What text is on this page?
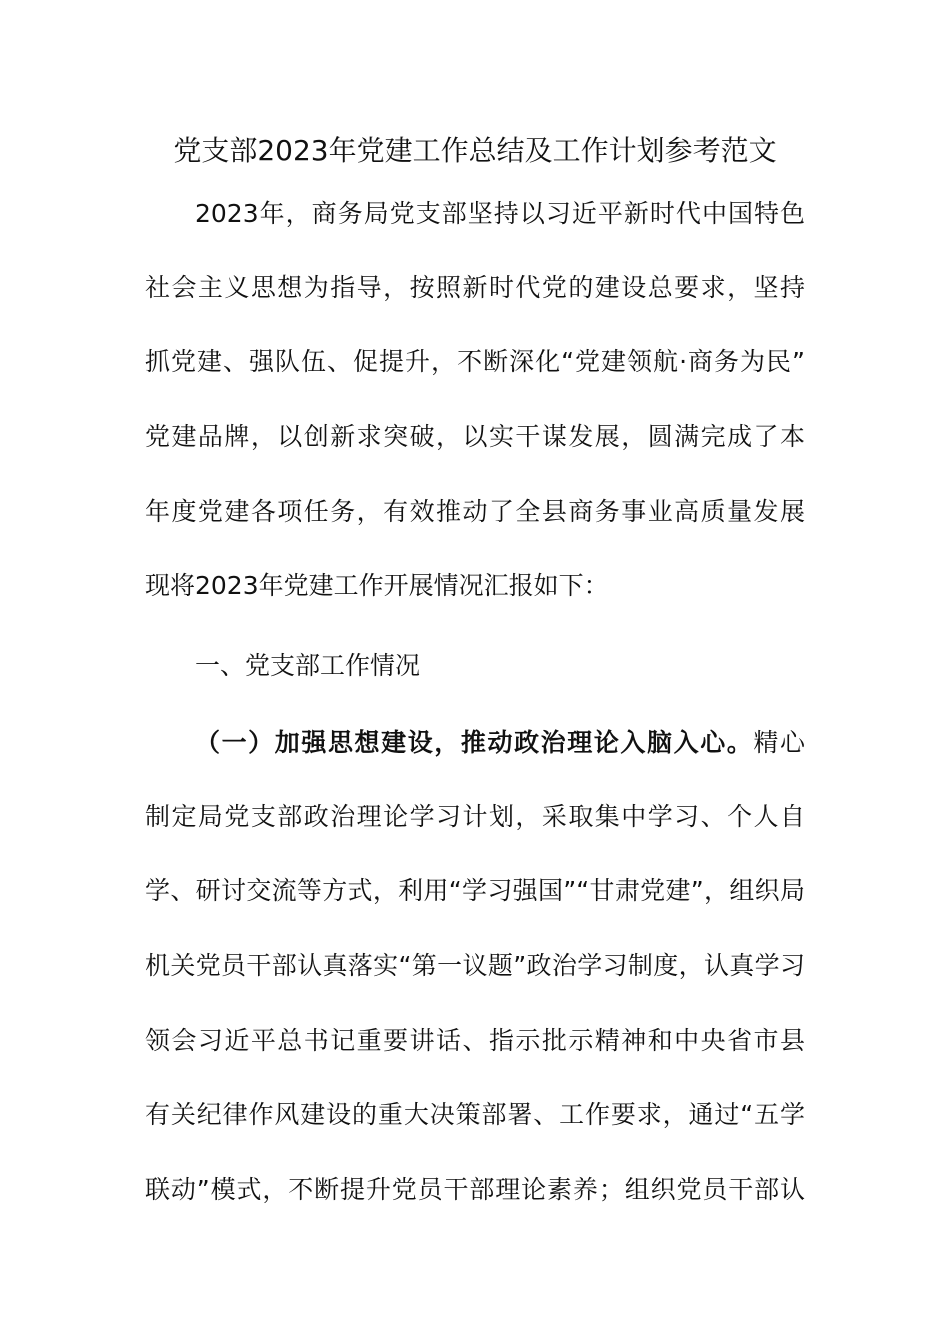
党支部2023年党建工作总结及工作计划参考范文
2023年，商务局党支部坚持以习近平新时代中国特色
社会主义思想为指导，按照新时代党的建设总要求，坚持
抓党建、强队伍、促提升，不断深化“党建领航·商务为民”
党建品牌，以创新求突破，以实干谋发展，圆满完成了本
年度党建各项任务，有效推动了全县商务事业高质量发展
现将2023年党建工作开展情况汇报如下：
一、党支部工作情况
（一）加强思想建设，推动政治理论入脑入心。精心
制定局党支部政治理论学习计划，采取集中学习、个人自
学、研讨交流等方式，利用“学习强国”“甘肃党建”，组织局
机关党员干部认真落实“第一议题”政治学习制度，认真学习
领会习近平总书记重要讲话、指示批示精神和中央省市县
有关纪律作风建设的重大决策部署、工作要求，通过“五学
联动”模式，不断提升党员干部理论素养；组织党员干部认
